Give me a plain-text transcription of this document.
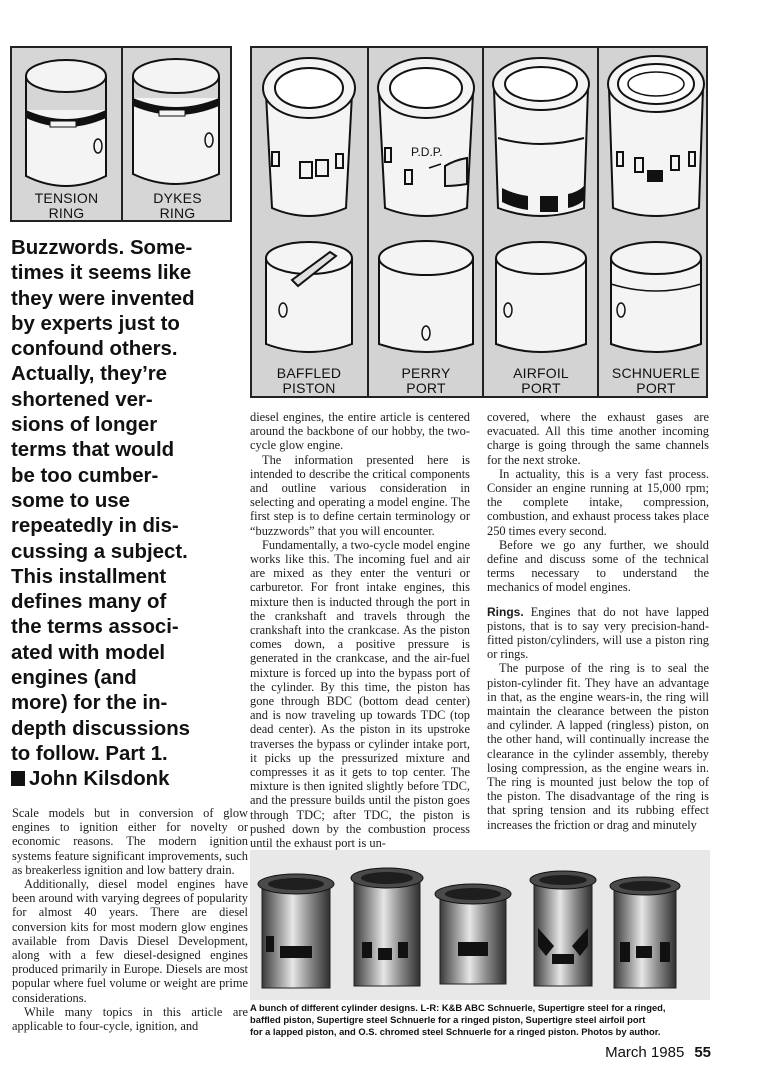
TENSION
RING
DYKES
RING
BAFFLED
PISTON
P.D.P.
PERRY
PORT
AIRFOIL
PORT
SCHNUERLE
PORT

Buzzwords. Some-
times it seems like
they were invented
by experts just to
confound others.
Actually, they’re
shortened ver-
sions of longer
terms that would
be too cumber-
some to use
repeatedly in dis-
cussing a subject.
This installment
defines many of
the terms associ-
ated with model
engines (and
more) for the in-
depth discussions
to follow. Part 1.

John Kilsdonk

Scale models but in conversion of glow engines to ignition either for novelty or economic reasons. The modern ignition systems feature significant improvements, such as breakerless ignition and low battery drain.

Additionally, diesel model engines have been around with varying degrees of popularity for almost 40 years. There are diesel conversion kits for most modern glow engines available from Davis Diesel Development, along with a few diesel-designed engines produced primarily in Europe. Diesels are most popular where fuel volume or weight are prime considerations.

While many topics in this article are applicable to four-cycle, ignition, and

diesel engines, the entire article is centered around the backbone of our hobby, the two-cycle glow engine.

The information presented here is intended to describe the critical components and outline various consideration in selecting and operating a model engine. The first step is to define certain terminology or “buzzwords” that you will encounter.

Fundamentally, a two-cycle model engine works like this. The incoming fuel and air are mixed as they enter the venturi or carburetor. For front intake engines, this mixture then is inducted through the port in the crankshaft and travels through the crankshaft into the crankcase. As the piston comes down, a positive pressure is generated in the crankcase, and the air-fuel mixture is forced up into the bypass port of the cylinder. By this time, the piston has gone through BDC (bottom dead center) and is now traveling up towards TDC (top dead center). As the piston in its upstroke traverses the bypass or cylinder intake port, it picks up the pressurized mixture and compresses it as it gets to top center. The mixture is then ignited slightly before TDC, and the pressure builds until the piston goes through TDC; after TDC, the piston is pushed down by the combustion process until the exhaust port is un-

covered, where the exhaust gases are evacuated. All this time another incoming charge is going through the same channels for the next stroke.

In actuality, this is a very fast process. Consider an engine running at 15,000 rpm; the complete intake, compression, combustion, and exhaust process takes place 250 times every second.

Before we go any further, we should define and discuss some of the technical terms necessary to understand the mechanics of model engines.

Rings. Engines that do not have lapped pistons, that is to say very precision-hand-fitted piston/cylinders, will use a piston ring or rings.

The purpose of the ring is to seal the piston-cylinder fit. They have an advantage in that, as the engine wears-in, the ring will maintain the clearance between the piston and cylinder. A lapped (ringless) piston, on the other hand, will continually increase the clearance in the cylinder assembly, thereby losing compression, as the engine wears in. The ring is mounted just below the top of the piston. The disadvantage of the ring is that spring tension and its rubbing effect increases the friction or drag and minutely

A bunch of different cylinder designs. L-R: K&B ABC Schnuerle, Supertigre steel for a ringed,
baffled piston, Supertigre steel Schnuerle for a ringed piston, Supertigre steel airfoil port
for a lapped piston, and O.S. chromed steel Schnuerle for a ringed piston. Photos by author.
March 1985 55
